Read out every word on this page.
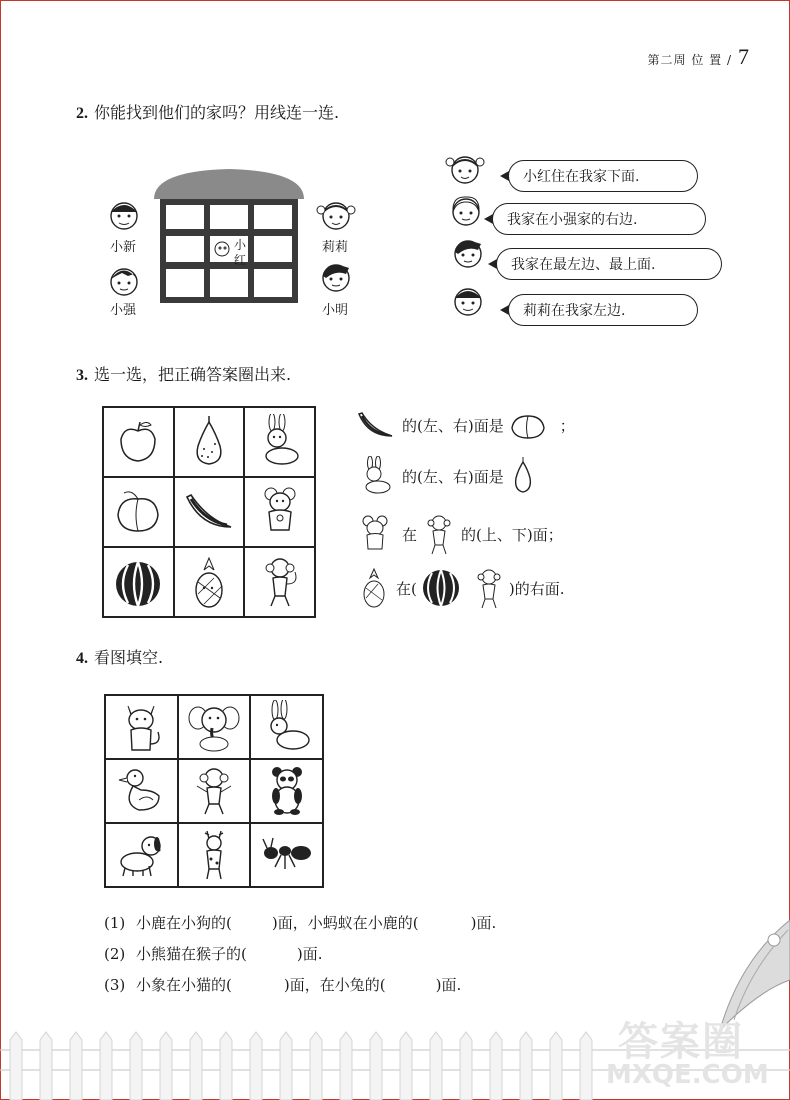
第二周 位 置 / 7
2. 你能找到他们的家吗？用线连一连.
小
红
小新
小强
莉莉
小明
小红住在我家下面.
我家在小强家的右边.
我家在最左边、最上面.
莉莉在我家左边.
3. 选一选，把正确答案圈出来.
的(左、右)面是	；
的(左、右)面是
在	的(上、下)面；
在(	)的右面.
4. 看图填空.
(1) 小鹿在小狗的(	)面，小蚂蚁在小鹿的(	)面.
(2) 小熊猫在猴子的(	)面.
(3) 小象在小猫的(	)面，在小兔的(	)面.
答案圈
MXQE.COM
